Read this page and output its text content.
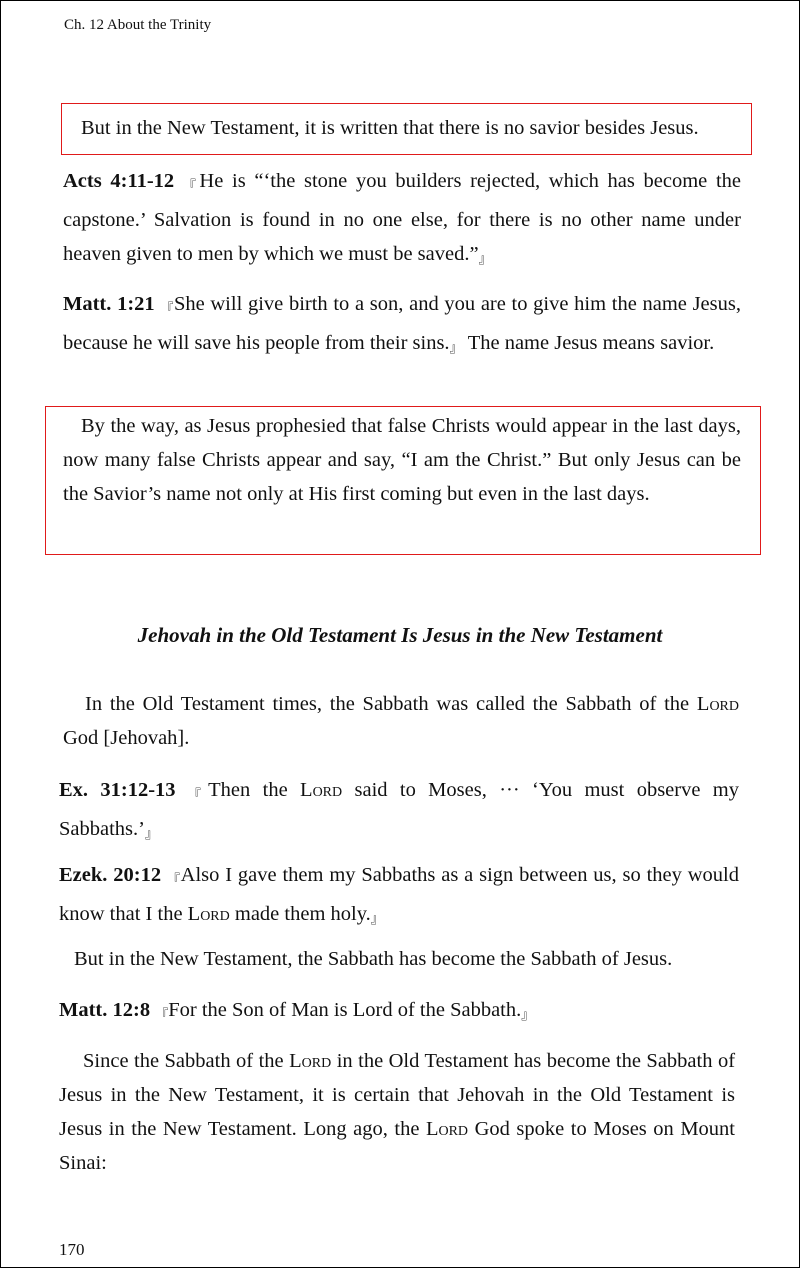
Ch. 12 About the Trinity
But in the New Testament, it is written that there is no savior besides Jesus.
Acts 4:11-12 『He is “‘the stone you builders rejected, which has become the capstone.’ Salvation is found in no one else, for there is no other name under heaven given to men by which we must be saved.”』
Matt. 1:21 『She will give birth to a son, and you are to give him the name Jesus, because he will save his people from their sins.』 The name Jesus means savior.
By the way, as Jesus prophesied that false Christs would appear in the last days, now many false Christs appear and say, “I am the Christ.” But only Jesus can be the Savior’s name not only at His first coming but even in the last days.
Jehovah in the Old Testament Is Jesus in the New Testament
In the Old Testament times, the Sabbath was called the Sabbath of the Lord God [Jehovah].
Ex. 31:12-13 『Then the Lord said to Moses, ··· ‘You must observe my Sabbaths.’』
Ezek. 20:12 『Also I gave them my Sabbaths as a sign between us, so they would know that I the Lord made them holy.』
But in the New Testament, the Sabbath has become the Sabbath of Jesus.
Matt. 12:8 『For the Son of Man is Lord of the Sabbath.』
Since the Sabbath of the Lord in the Old Testament has become the Sabbath of Jesus in the New Testament, it is certain that Jehovah in the Old Testament is Jesus in the New Testament. Long ago, the Lord God spoke to Moses on Mount Sinai:
170
